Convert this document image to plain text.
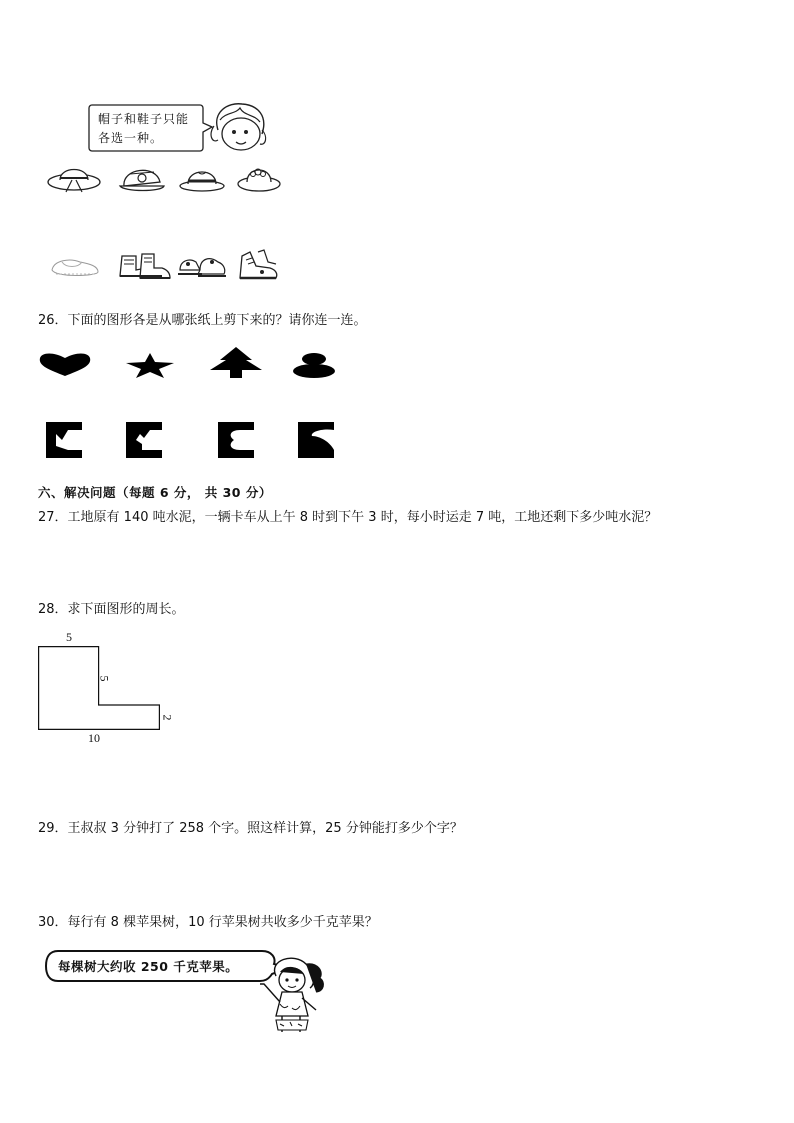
帽子和鞋子只能
各选一种。
26．下面的图形各是从哪张纸上剪下来的？请你连一连。
六、解决问题（每题 6 分， 共 30 分）
27．工地原有 140 吨水泥，一辆卡车从上午 8 时到下午 3 时，每小时运走 7 吨，工地还剩下多少吨水泥？
28．求下面图形的周长。
5
5
2
10
29．王叔叔 3 分钟打了 258 个字。照这样计算，25 分钟能打多少个字？
30．每行有 8 棵苹果树，10 行苹果树共收多少千克苹果？
每棵树大约收 250 千克苹果。
